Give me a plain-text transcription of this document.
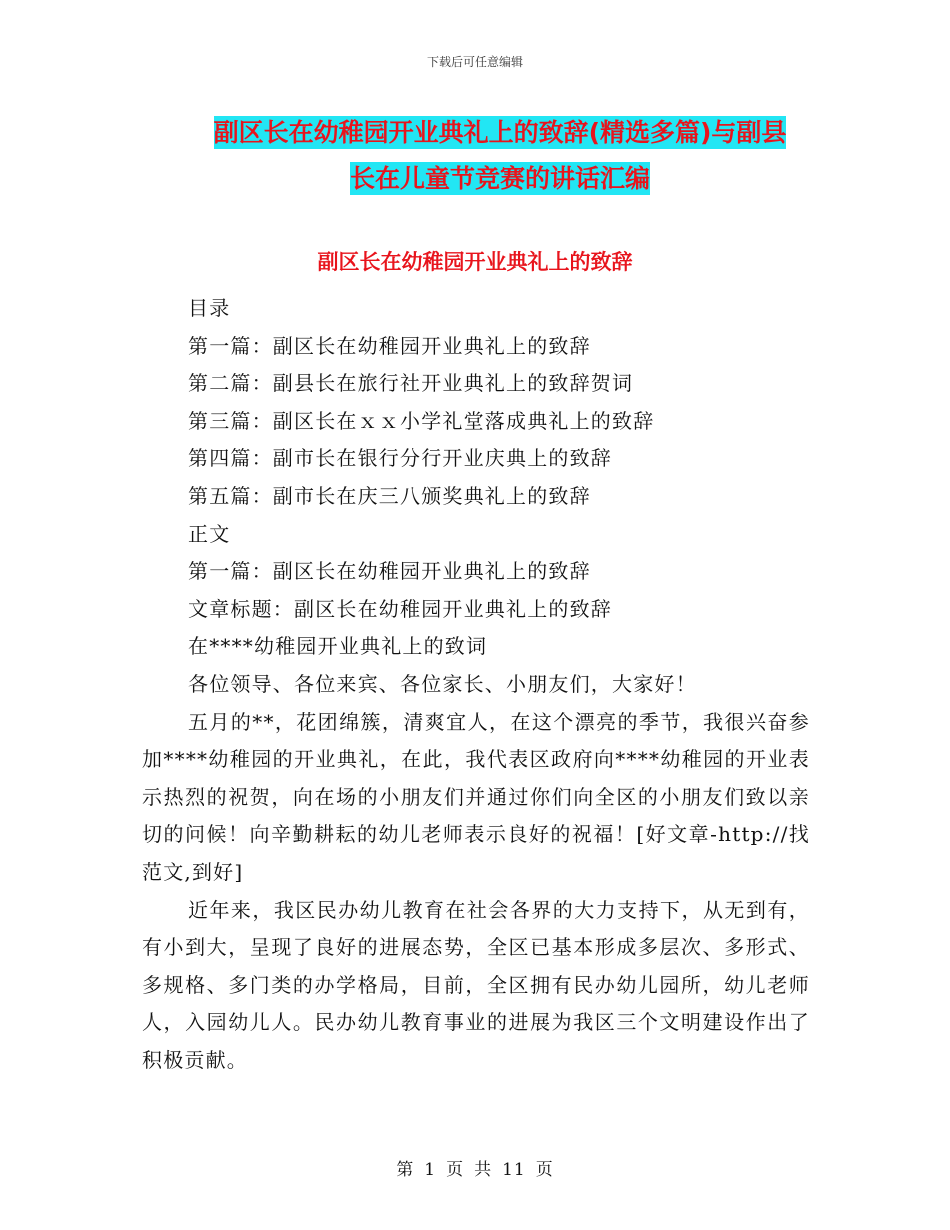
下载后可任意编辑
副区长在幼稚园开业典礼上的致辞(精选多篇)与副县
长在儿童节竞赛的讲话汇编
副区长在幼稚园开业典礼上的致辞

目录

第一篇：副区长在幼稚园开业典礼上的致辞

第二篇：副县长在旅行社开业典礼上的致辞贺词

第三篇：副区长在ｘｘ小学礼堂落成典礼上的致辞

第四篇：副市长在银行分行开业庆典上的致辞

第五篇：副市长在庆三八颁奖典礼上的致辞

正文

第一篇：副区长在幼稚园开业典礼上的致辞

文章标题：副区长在幼稚园开业典礼上的致辞

在****幼稚园开业典礼上的致词

各位领导、各位来宾、各位家长、小朋友们，大家好！

五月的**，花团绵簇，清爽宜人，在这个漂亮的季节，我很兴奋参加****幼稚园的开业典礼，在此，我代表区政府向****幼稚园的开业表示热烈的祝贺，向在场的小朋友们并通过你们向全区的小朋友们致以亲切的问候！向辛勤耕耘的幼儿老师表示良好的祝福！[好文章-http://找范文,到好]

近年来，我区民办幼儿教育在社会各界的大力支持下，从无到有，有小到大，呈现了良好的进展态势，全区已基本形成多层次、多形式、多规格、多门类的办学格局，目前，全区拥有民办幼儿园所，幼儿老师人，入园幼儿人。民办幼儿教育事业的进展为我区三个文明建设作出了积极贡献。

第 1 页 共 11 页
